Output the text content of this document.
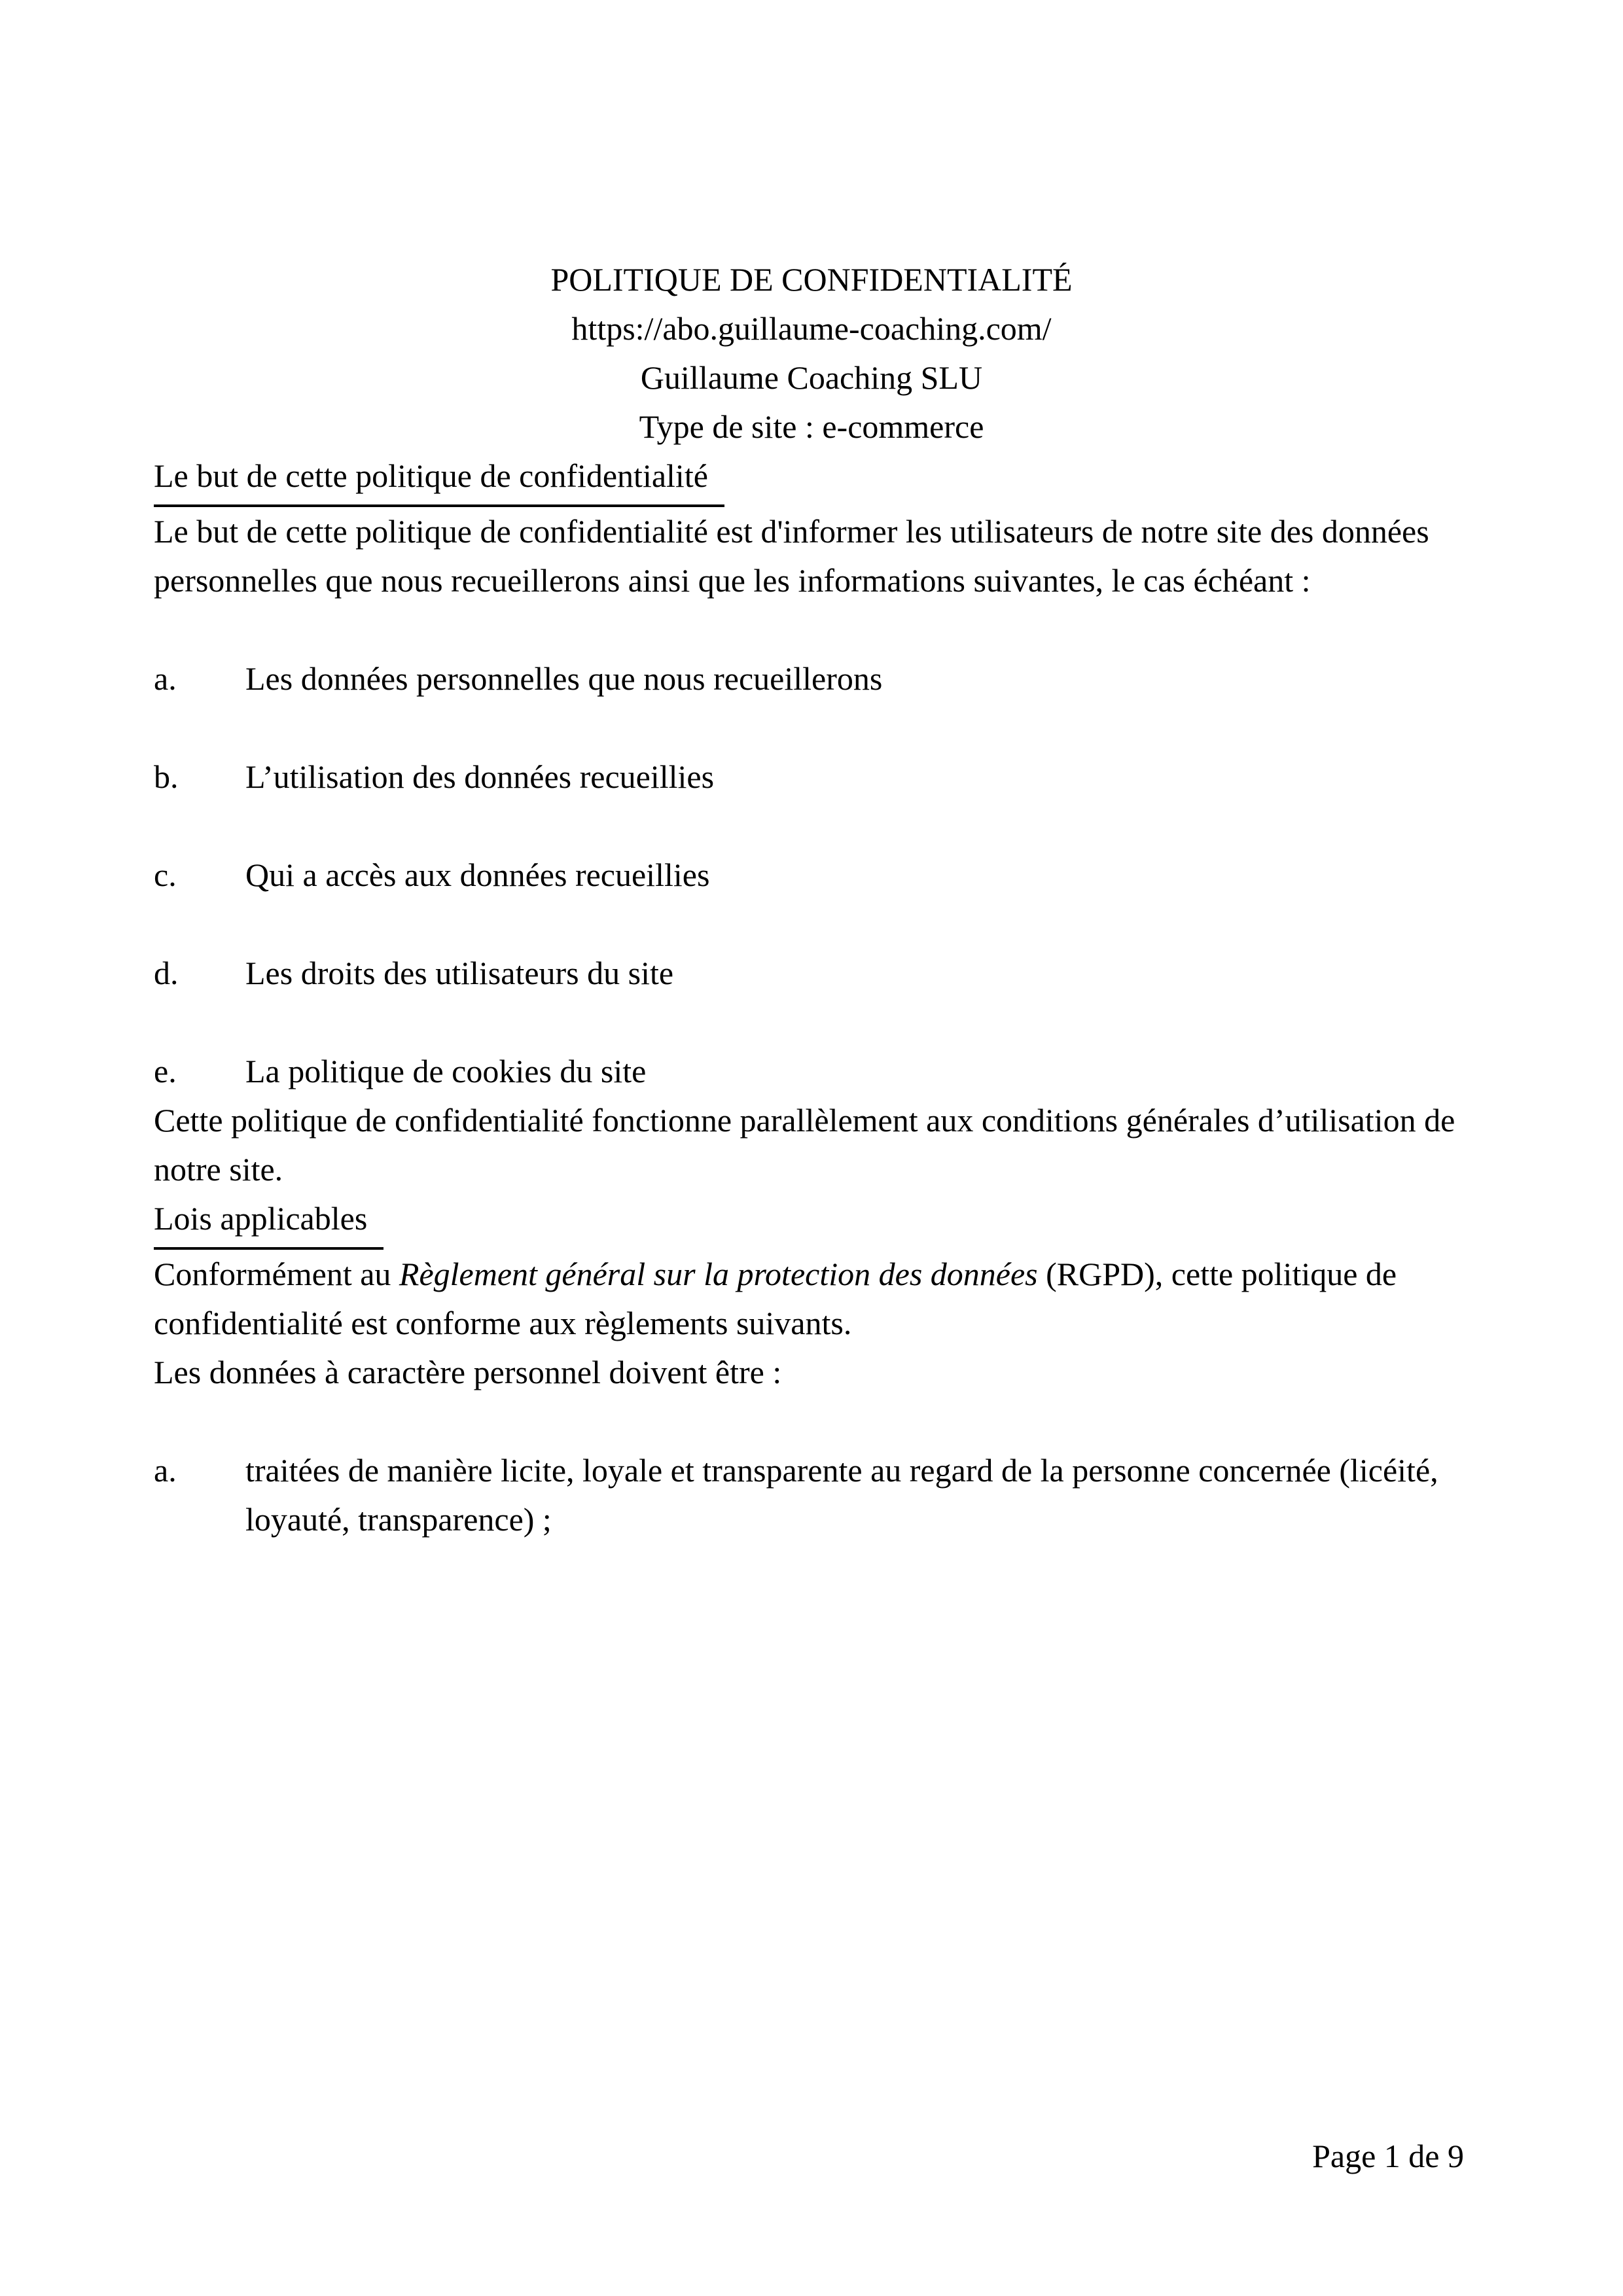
POLITIQUE DE CONFIDENTIALITÉ

https://abo.guillaume-coaching.com/

Guillaume Coaching SLU

Type de site : e-commerce

Le but de cette politique de confidentialité

Le but de cette politique de confidentialité est d'informer les utilisateurs de notre site des données personnelles que nous recueillerons ainsi que les informations suivantes, le cas échéant :

a.	Les données personnelles que nous recueillerons
b.	L’utilisation des données recueillies
c.	Qui a accès aux données recueillies
d.	Les droits des utilisateurs du site
e.	La politique de cookies du site

Cette politique de confidentialité fonctionne parallèlement aux conditions générales d’utilisation de notre site.

Lois applicables

Conformément au Règlement général sur la protection des données (RGPD), cette politique de confidentialité est conforme aux règlements suivants.

Les données à caractère personnel doivent être :

a.	traitées de manière licite, loyale et transparente au regard de la personne concernée (licéité, loyauté, transparence) ;
Page 1 de 9
